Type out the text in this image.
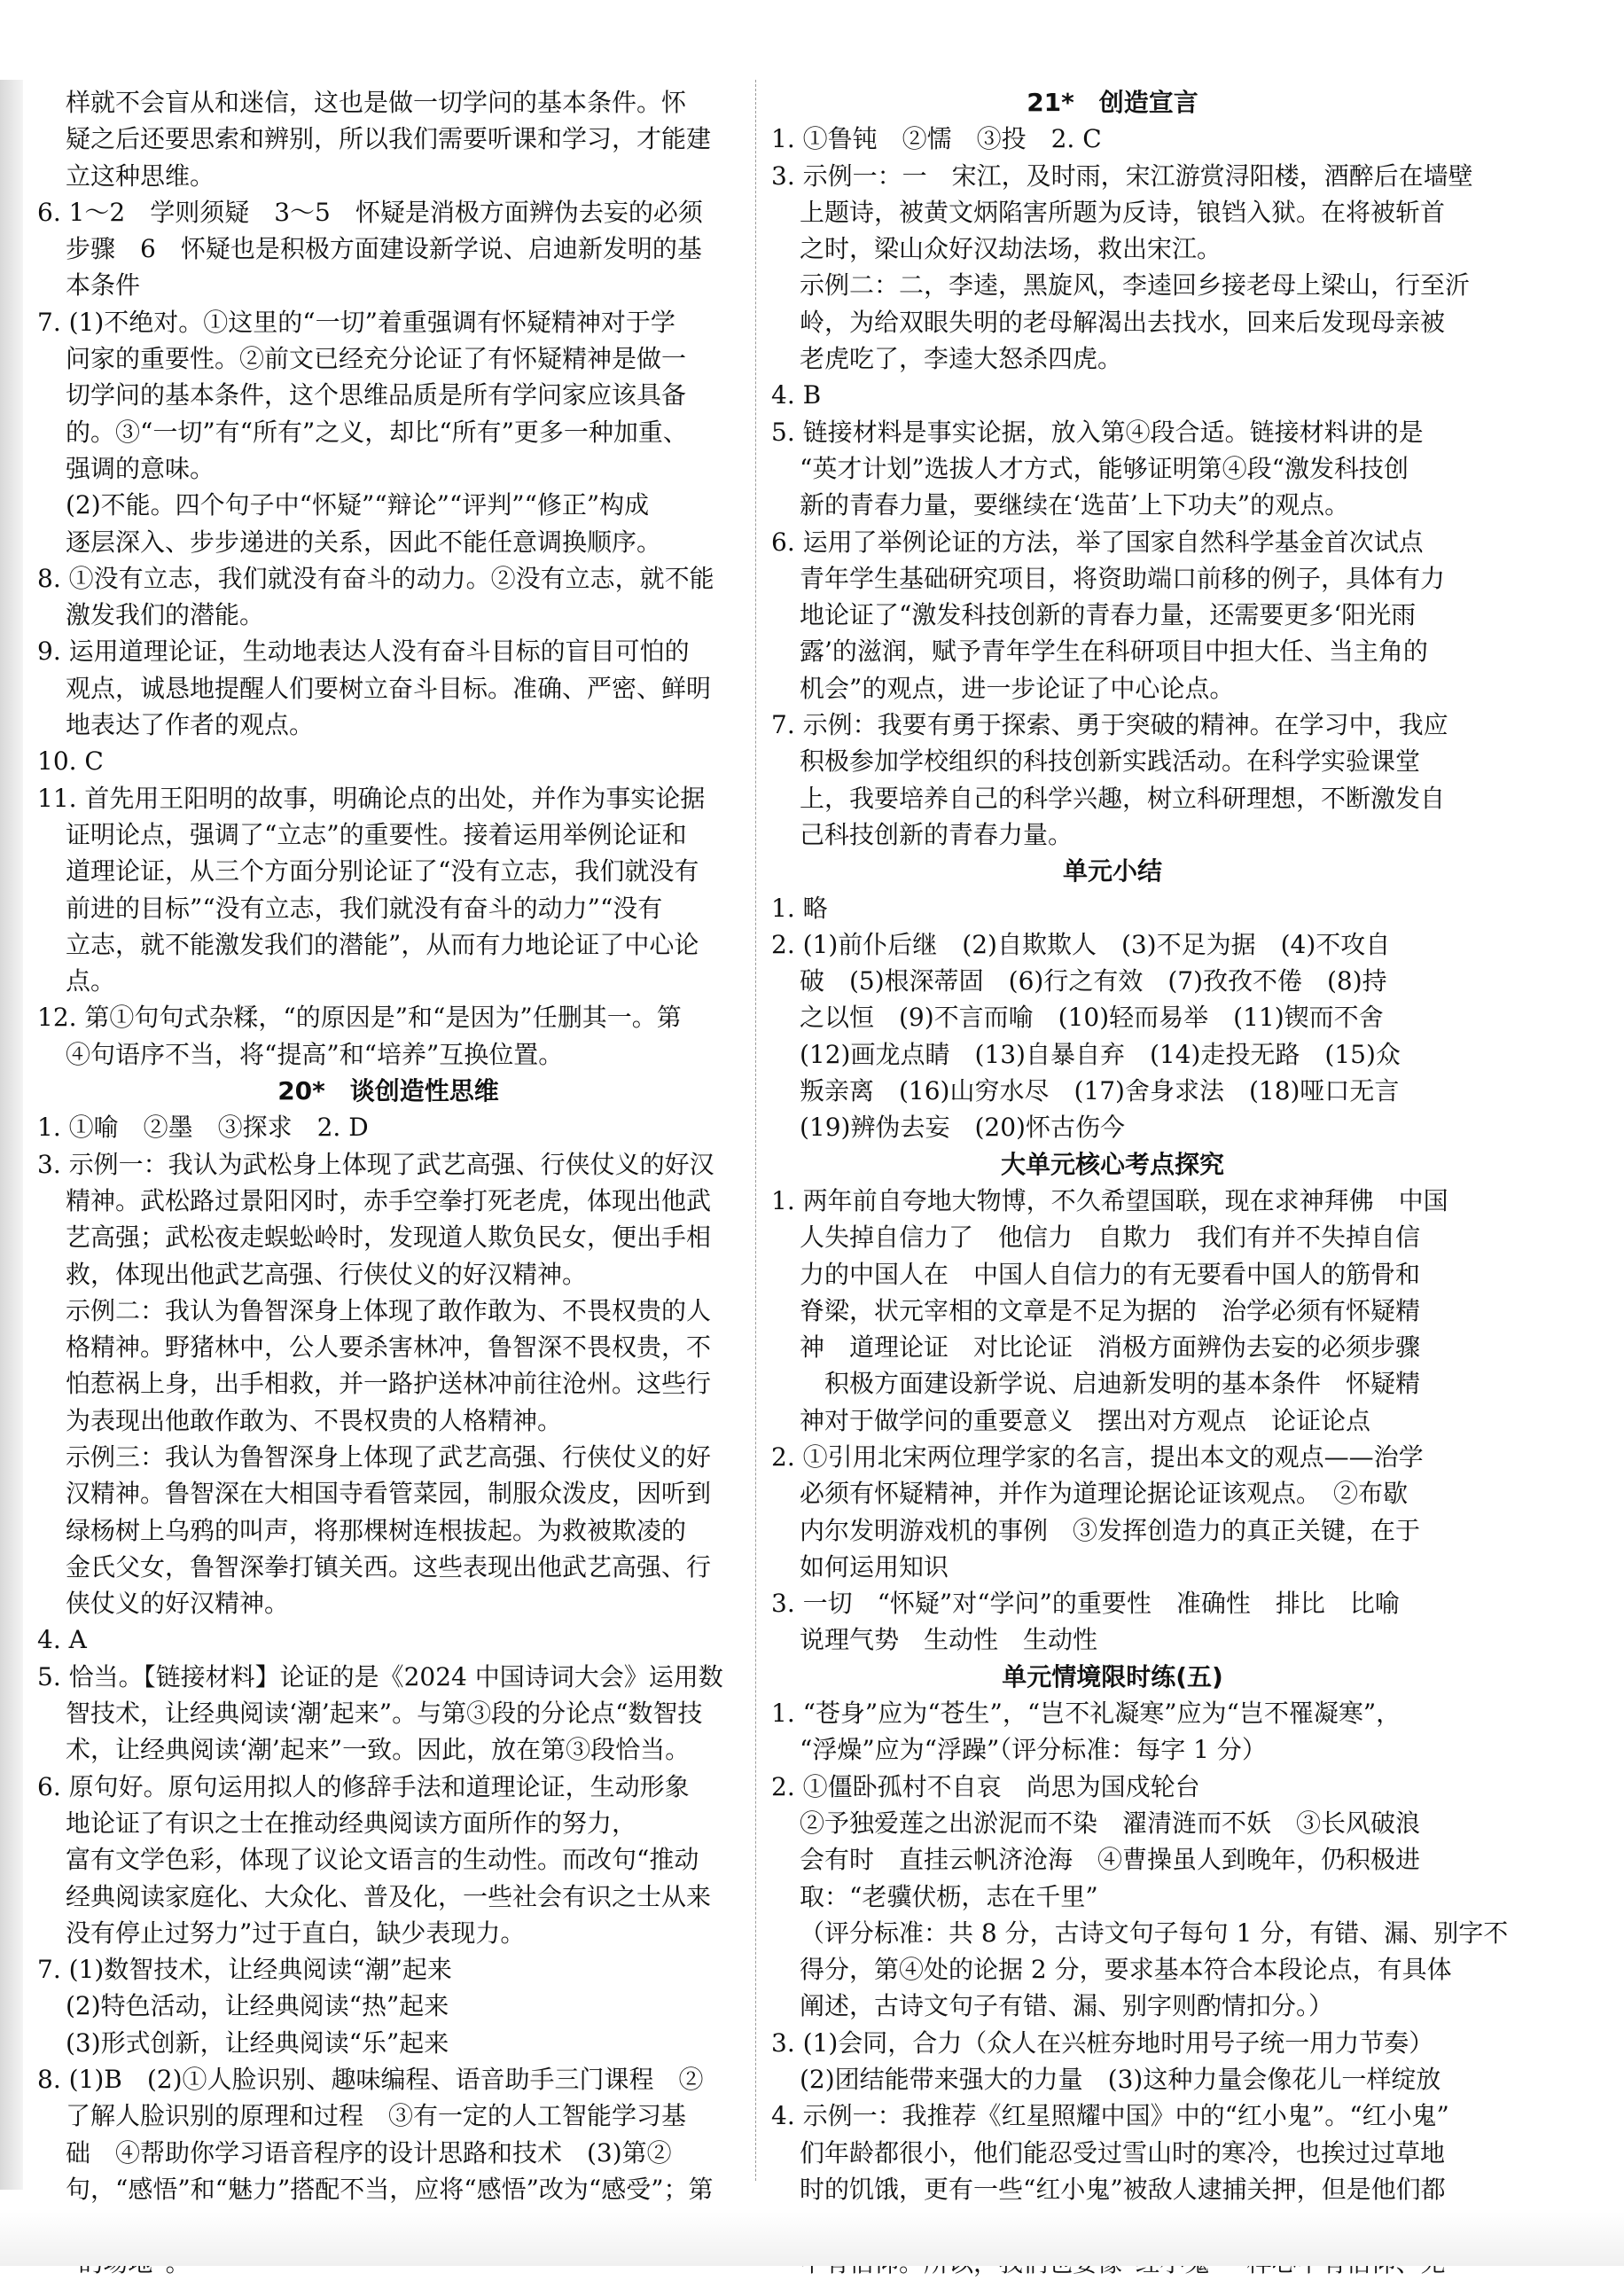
样就不会盲从和迷信，这也是做一切学问的基本条件。怀
疑之后还要思索和辨别，所以我们需要听课和学习，才能建
立这种思维。
6. 1～2　学则须疑　3～5　怀疑是消极方面辨伪去妄的必须
步骤　6　怀疑也是积极方面建设新学说、启迪新发明的基
本条件
7. (1)不绝对。①这里的“一切”着重强调有怀疑精神对于学
问家的重要性。②前文已经充分论证了有怀疑精神是做一
切学问的基本条件，这个思维品质是所有学问家应该具备
的。③“一切”有“所有”之义，却比“所有”更多一种加重、
强调的意味。
(2)不能。四个句子中“怀疑”“辩论”“评判”“修正”构成
逐层深入、步步递进的关系，因此不能任意调换顺序。
8. ①没有立志，我们就没有奋斗的动力。②没有立志，就不能
激发我们的潜能。
9. 运用道理论证，生动地表达人没有奋斗目标的盲目可怕的
观点，诚恳地提醒人们要树立奋斗目标。准确、严密、鲜明
地表达了作者的观点。
10. C
11. 首先用王阳明的故事，明确论点的出处，并作为事实论据
证明论点，强调了“立志”的重要性。接着运用举例论证和
道理论证，从三个方面分别论证了“没有立志，我们就没有
前进的目标”“没有立志，我们就没有奋斗的动力”“没有
立志，就不能激发我们的潜能”，从而有力地论证了中心论
点。
12. 第①句句式杂糅，“的原因是”和“是因为”任删其一。第
④句语序不当，将“提高”和“培养”互换位置。
20*　谈创造性思维
1. ①喻　②墨　③探求　2. D
3. 示例一：我认为武松身上体现了武艺高强、行侠仗义的好汉
精神。武松路过景阳冈时，赤手空拳打死老虎，体现出他武
艺高强；武松夜走蜈蚣岭时，发现道人欺负民女，便出手相
救，体现出他武艺高强、行侠仗义的好汉精神。
示例二：我认为鲁智深身上体现了敢作敢为、不畏权贵的人
格精神。野猪林中，公人要杀害林冲，鲁智深不畏权贵，不
怕惹祸上身，出手相救，并一路护送林冲前往沧州。这些行
为表现出他敢作敢为、不畏权贵的人格精神。
示例三：我认为鲁智深身上体现了武艺高强、行侠仗义的好
汉精神。鲁智深在大相国寺看管菜园，制服众泼皮，因听到
绿杨树上乌鸦的叫声，将那棵树连根拔起。为救被欺凌的
金氏父女，鲁智深拳打镇关西。这些表现出他武艺高强、行
侠仗义的好汉精神。
4. A
5. 恰当。【链接材料】论证的是《2024 中国诗词大会》运用数
智技术，让经典阅读‘潮’起来”。与第③段的分论点“数智技
术，让经典阅读‘潮’起来”一致。因此，放在第③段恰当。
6. 原句好。原句运用拟人的修辞手法和道理论证，生动形象
地论证了有识之士在推动经典阅读方面所作的努力，
富有文学色彩，体现了议论文语言的生动性。而改句“推动
经典阅读家庭化、大众化、普及化，一些社会有识之士从来
没有停止过努力”过于直白，缺少表现力。
7. (1)数智技术，让经典阅读“潮”起来
(2)特色活动，让经典阅读“热”起来
(3)形式创新，让经典阅读“乐”起来
8. (1)B　(2)①人脸识别、趣味编程、语音助手三门课程　②
了解人脸识别的原理和过程　③有一定的人工智能学习基
础　④帮助你学习语音程序的设计思路和技术　(3)第②
句，“感悟”和“魅力”搭配不当，应将“感悟”改为“感受”；第
21*　创造宣言
1. ①鲁钝　②懦　③投　2. C
3. 示例一：一　宋江，及时雨，宋江游赏浔阳楼，酒醉后在墙壁
上题诗，被黄文炳陷害所题为反诗，锒铛入狱。在将被斩首
之时，梁山众好汉劫法场，救出宋江。
示例二：二，李逵，黑旋风，李逵回乡接老母上梁山，行至沂
岭，为给双眼失明的老母解渴出去找水，回来后发现母亲被
老虎吃了，李逵大怒杀四虎。
4. B
5. 链接材料是事实论据，放入第④段合适。链接材料讲的是
“英才计划”选拔人才方式，能够证明第④段“激发科技创
新的青春力量，要继续在‘选苗’上下功夫”的观点。
6. 运用了举例论证的方法，举了国家自然科学基金首次试点
青年学生基础研究项目，将资助端口前移的例子，具体有力
地论证了“激发科技创新的青春力量，还需要更多‘阳光雨
露’的滋润，赋予青年学生在科研项目中担大任、当主角的
机会”的观点，进一步论证了中心论点。
7. 示例：我要有勇于探索、勇于突破的精神。在学习中，我应
积极参加学校组织的科技创新实践活动。在科学实验课堂
上，我要培养自己的科学兴趣，树立科研理想，不断激发自
己科技创新的青春力量。
单元小结
1. 略
2. (1)前仆后继　(2)自欺欺人　(3)不足为据　(4)不攻自
破　(5)根深蒂固　(6)行之有效　(7)孜孜不倦　(8)持
之以恒　(9)不言而喻　(10)轻而易举　(11)锲而不舍
(12)画龙点睛　(13)自暴自弃　(14)走投无路　(15)众
叛亲离　(16)山穷水尽　(17)舍身求法　(18)哑口无言
(19)辨伪去妄　(20)怀古伤今
大单元核心考点探究
1. 两年前自夸地大物博，不久希望国联，现在求神拜佛　中国
人失掉自信力了　他信力　自欺力　我们有并不失掉自信
力的中国人在　中国人自信力的有无要看中国人的筋骨和
脊梁，状元宰相的文章是不足为据的　治学必须有怀疑精
神　道理论证　对比论证　消极方面辨伪去妄的必须步骤
　积极方面建设新学说、启迪新发明的基本条件　怀疑精
神对于做学问的重要意义　摆出对方观点　论证论点
2. ①引用北宋两位理学家的名言，提出本文的观点——治学
必须有怀疑精神，并作为道理论据论证该观点。　②布歇
内尔发明游戏机的事例　③发挥创造力的真正关键，在于
如何运用知识
3. 一切　“怀疑”对“学问”的重要性　准确性　排比　比喻
说理气势　生动性　生动性
单元情境限时练(五)
1. “苍身”应为“苍生”，“岂不礼凝寒”应为“岂不罹凝寒”，
“浮燥”应为“浮躁”（评分标准：每字 1 分）
2. ①僵卧孤村不自哀　尚思为国戍轮台
②予独爱莲之出淤泥而不染　濯清涟而不妖　③长风破浪
会有时　直挂云帆济沧海　④曹操虽人到晚年，仍积极进
取：“老骥伏枥，志在千里”
（评分标准：共 8 分，古诗文句子每句 1 分，有错、漏、别字不
得分，第④处的论据 2 分，要求基本符合本段论点，有具体
阐述，古诗文句子有错、漏、别字则酌情扣分。）
3. (1)会同，合力（众人在兴桩夯地时用号子统一用力节奏）
(2)团结能带来强大的力量　(3)这种力量会像花儿一样绽放
4. 示例一：我推荐《红星照耀中国》中的“红小鬼”。“红小鬼”
们年龄都很小，他们能忍受过雪山时的寒冷，也挨过过草地
时的饥饿，更有一些“红小鬼”被敌人逮捕关押，但是他们都
